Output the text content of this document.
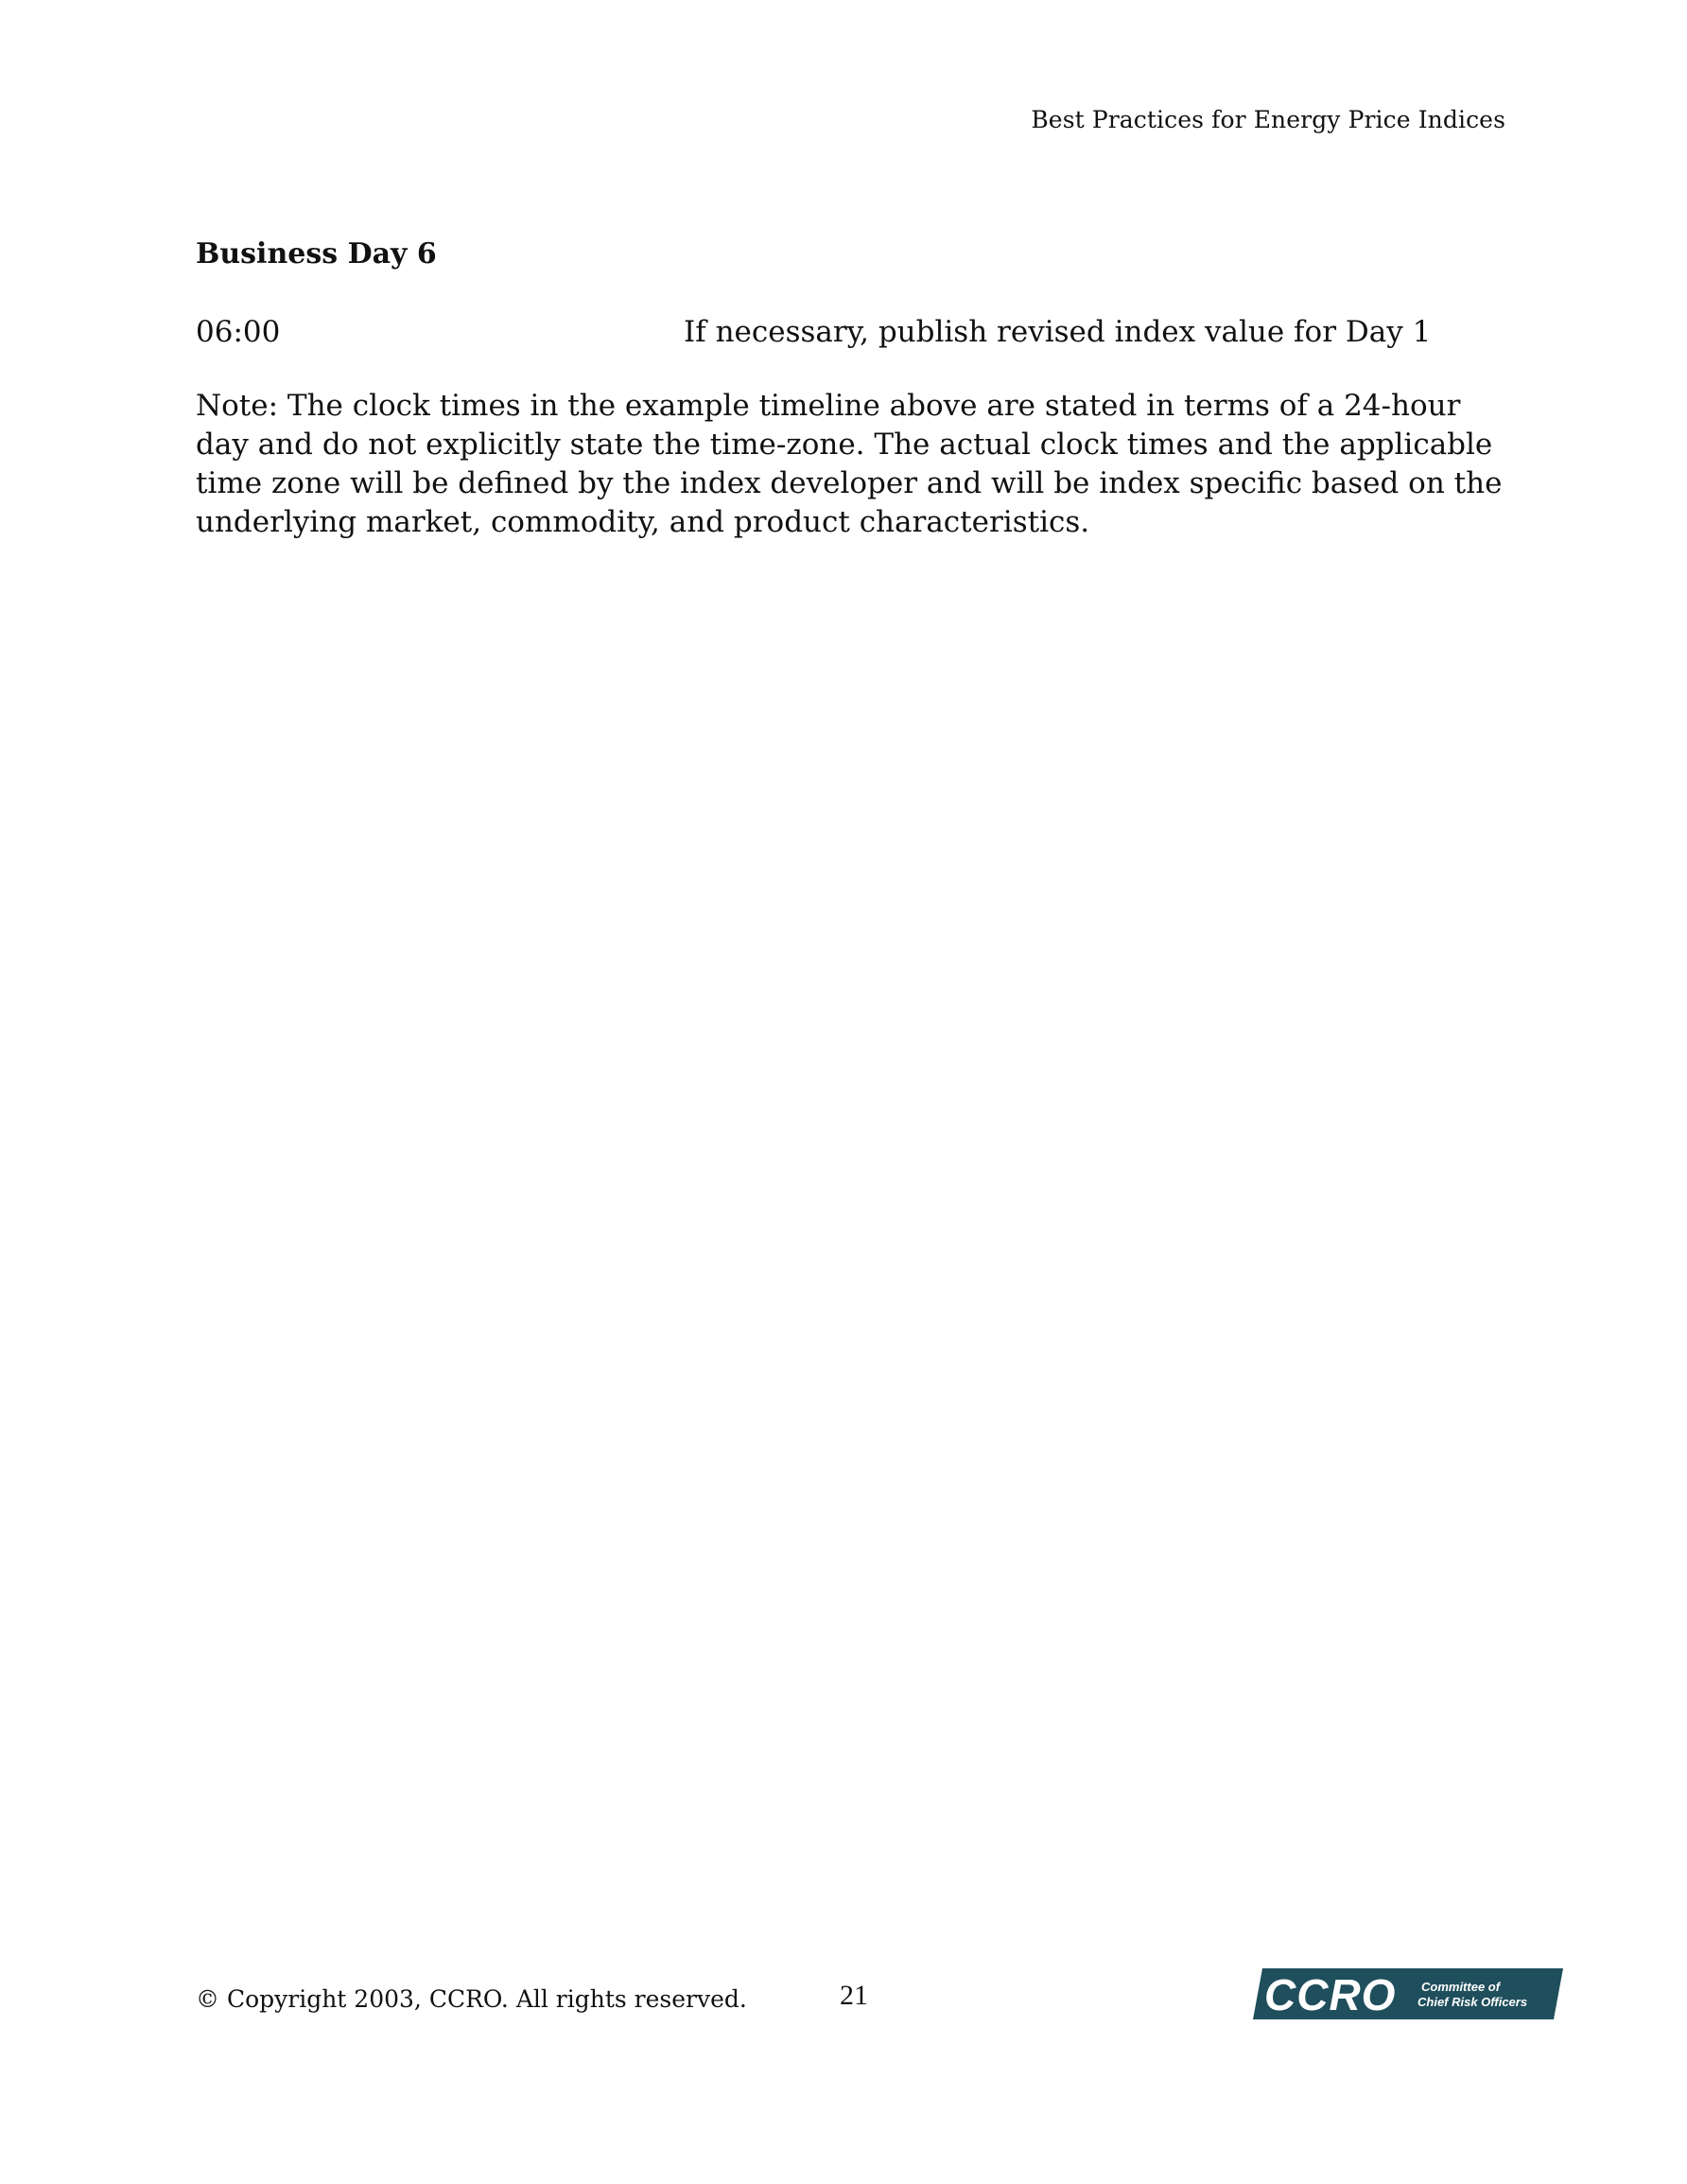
Best Practices for Energy Price Indices
Business Day 6
06:00	If necessary, publish revised index value for Day 1

Note: The clock times in the example timeline above are stated in terms of a 24-hour day and do not explicitly state the time-zone. The actual clock times and the applicable time zone will be defined by the index developer and will be index specific based on the underlying market, commodity, and product characteristics.

© Copyright 2003, CCRO. All rights reserved.	21	CCRO Committee of
Chief Risk Officers
